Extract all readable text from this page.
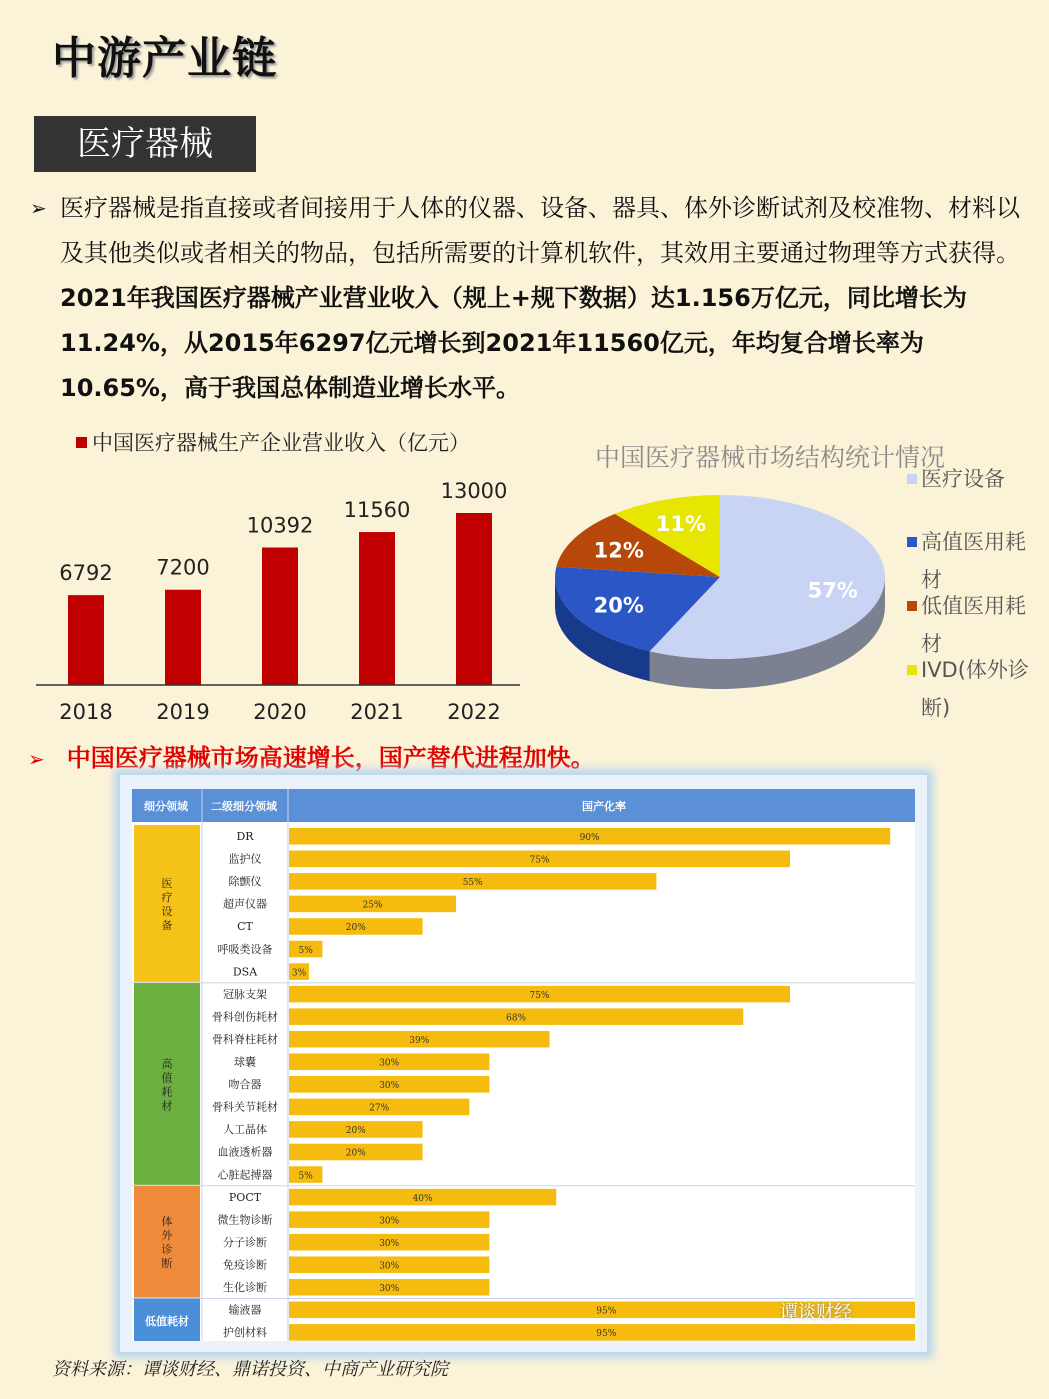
中游产业链
医疗器械
➢ 医疗器械是指直接或者间接用于人体的仪器、设备、器具、体外诊断试剂及校准物、材料以及其他类似或者相关的物品，包括所需要的计算机软件，其效用主要通过物理等方式获得。2021年我国医疗器械产业营业收入（规上+规下数据）达1.156万亿元，同比增长为11.24%，从2015年6297亿元增长到2021年11560亿元，年均复合增长率为10.65%，高于我国总体制造业增长水平。
中国医疗器械生产企业营业收入（亿元）
6792
2018
7200
2019
10392
2020
11560
2021
13000
2022
中国医疗器械市场结构统计情况
57%
20%
12%
11%
医疗设备
高值医用耗材
低值医用耗材
IVD(体外诊断)
➢ 中国医疗器械市场高速增长，国产替代进程加快。
细分领域 二级细分领域	国产化率
医
疗
设
备
DR	90%
监护仪	75%
除颤仪	55%
超声仪器	25%
CT	20%
呼吸类设备	5%
DSA	3%
高
值
耗
材
冠脉支架	75%
骨科创伤耗材	68%
骨科脊柱耗材	39%
球囊	30%
吻合器	30%
骨科关节耗材	27%
人工晶体	20%
血液透析器	20%
心脏起搏器	5%
体
外
诊
断
POCT	40%
微生物诊断	30%
分子诊断	30%
免疫诊断	30%
生化诊断	30%
低值耗材
输液器	95%
护创材料	95%
谭谈财经
资料来源：谭谈财经、鼎诺投资、中商产业研究院
